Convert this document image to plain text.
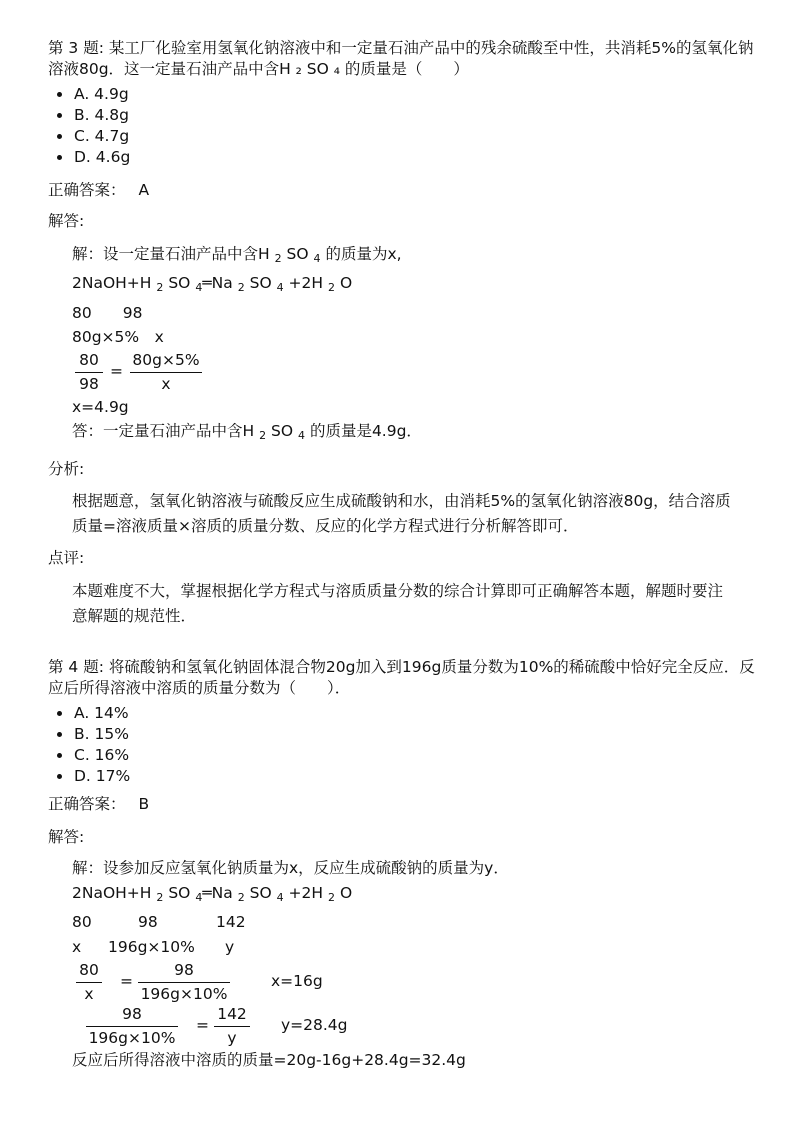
第 3 题: 某工厂化验室用氢氧化钠溶液中和一定量石油产品中的残余硫酸至中性，共消耗5%的氢氧化钠溶液80g．这一定量石油产品中含H ₂ SO ₄ 的质量是（　　）

A. 4.9g
B. 4.8g
C. 4.7g
D. 4.6g
正确答案： A
解答:
解：设一定量石油产品中含H $_2$ SO $_4$ 的质量为x,
2NaOH+H $_2$ SO $_4$═Na $_2$ SO $_4$ +2H $_2$ O
80　　98
80g×5%　x
$\frac{80}{98} = \frac{80g\times 5\%}{x}$
x=4.9g
答：一定量石油产品中含H $_2$ SO $_4$ 的质量是4.9g．
分析:
根据题意，氢氧化钠溶液与硫酸反应生成硫酸钠和水，由消耗5%的氢氧化钠溶液80g，结合溶质质量=溶液质量×溶质的质量分数、反应的化学方程式进行分析解答即可．
点评:
本题难度不大，掌握根据化学方程式与溶质质量分数的综合计算即可正确解答本题，解题时要注意解题的规范性．

第 4 题: 将硫酸钠和氢氧化钠固体混合物20g加入到196g质量分数为10%的稀硫酸中恰好完全反应．反应后所得溶液中溶质的质量分数为（　　）．

A. 14%
B. 15%
C. 16%
D. 17%
正确答案： B
解答:
解：设参加反应氢氧化钠质量为x，反应生成硫酸钠的质量为y．
2NaOH+H $_2$ SO $_4$═Na $_2$ SO $_4$ +2H $_2$ O
80	98	142
x 196g×10% y
$\frac{80}{x} = \frac{98}{196g\times 10\%}$	x=16g
$\frac{98}{196g\times 10\%} = \frac{142}{y} y=28.4g$
反应后所得溶液中溶质的质量=20g-16g+28.4g=32.4g
